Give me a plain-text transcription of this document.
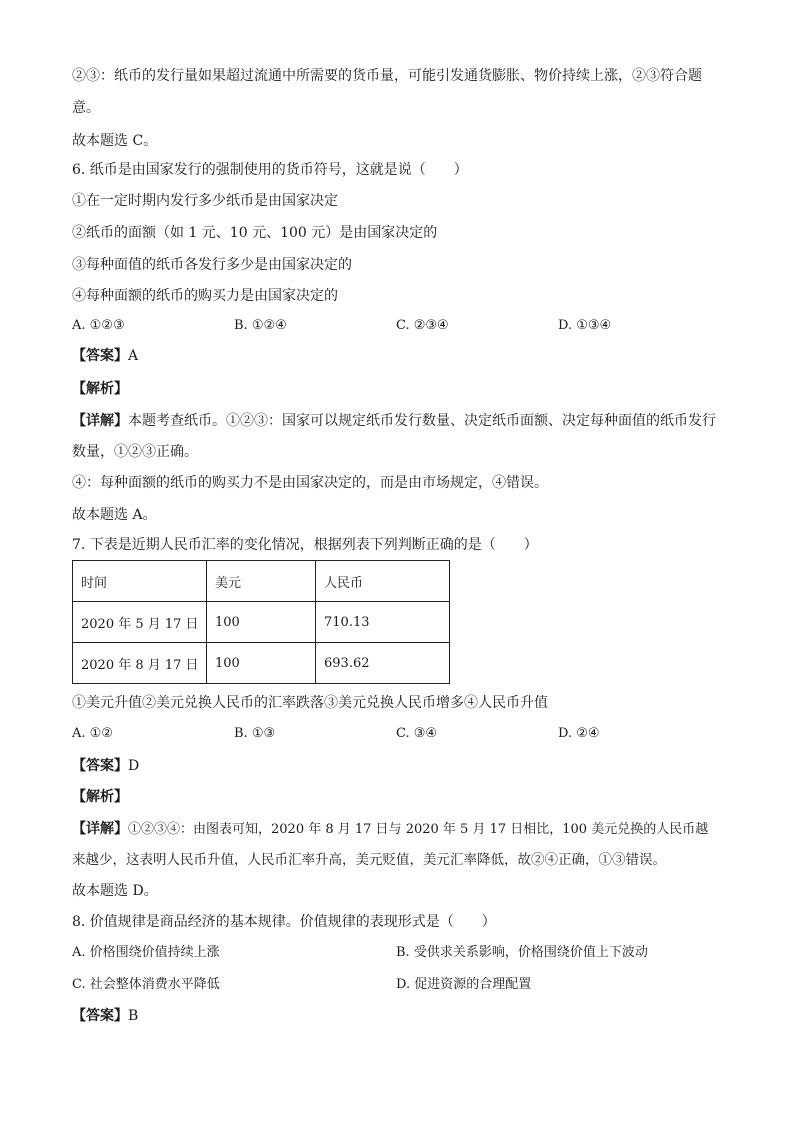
②③：纸币的发行量如果超过流通中所需要的货币量，可能引发通货膨胀、物价持续上涨，②③符合题
意。
故本题选 C。
6. 纸币是由国家发行的强制使用的货币符号，这就是说（　　）
①在一定时期内发行多少纸币是由国家决定
②纸币的面额（如 1 元、10 元、100 元）是由国家决定的
③每种面值的纸币各发行多少是由国家决定的
④每种面额的纸币的购买力是由国家决定的
A. ①②③	B. ①②④	C. ②③④	D. ①③④
【答案】A
【解析】
【详解】本题考查纸币。①②③：国家可以规定纸币发行数量、决定纸币面额、决定每种面值的纸币发行
数量，①②③正确。
④：每种面额的纸币的购买力不是由国家决定的，而是由市场规定，④错误。
故本题选 A。
7. 下表是近期人民币汇率的变化情况，根据列表下列判断正确的是（　　）
时间	美元	人民币
2020 年 5 月 17 日	100	710.13
2020 年 8 月 17 日	100	693.62
①美元升值②美元兑换人民币的汇率跌落③美元兑换人民币增多④人民币升值
A. ①②	B. ①③	C. ③④	D. ②④
【答案】D
【解析】
【详解】①②③④：由图表可知，2020 年 8 月 17 日与 2020 年 5 月 17 日相比，100 美元兑换的人民币越
来越少，这表明人民币升值，人民币汇率升高，美元贬值，美元汇率降低，故②④正确，①③错误。
故本题选 D。
8. 价值规律是商品经济的基本规律。价值规律的表现形式是（　　）
A. 价格围绕价值持续上涨	B. 受供求关系影响，价格围绕价值上下波动
C. 社会整体消费水平降低	D. 促进资源的合理配置
【答案】B
